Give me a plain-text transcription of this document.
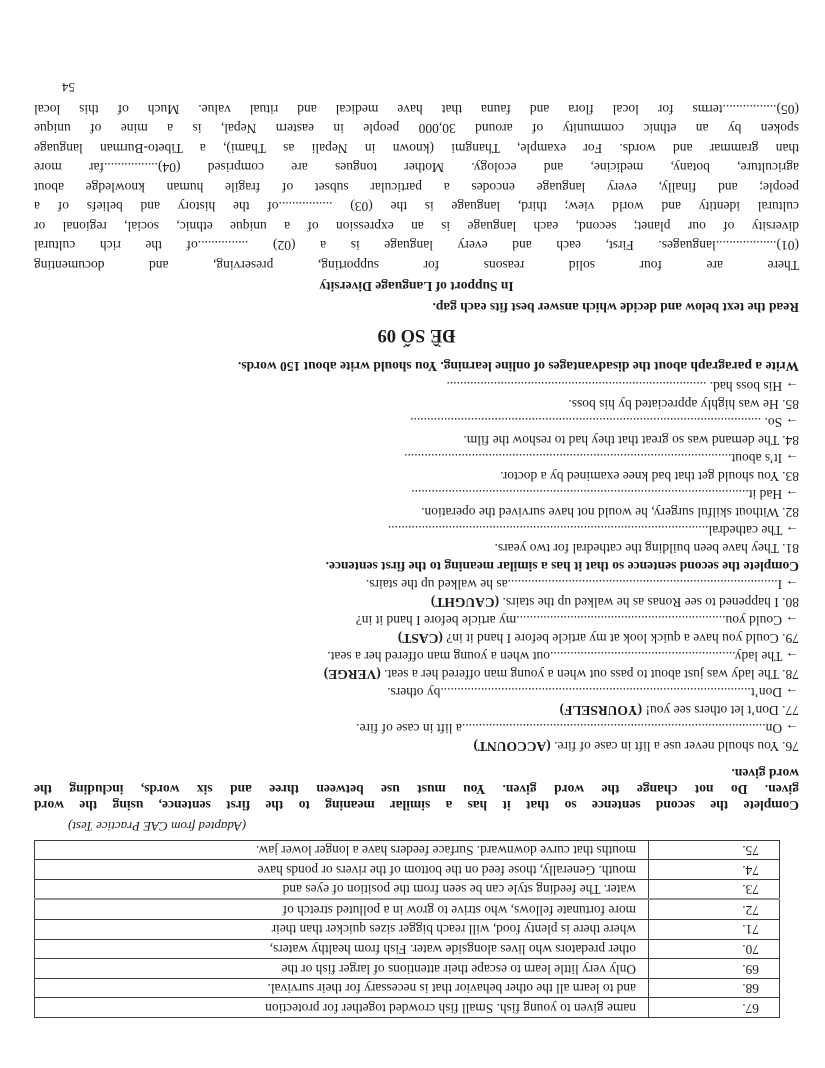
67.	name given to young fish. Small fish crowded together for protection
68.	and to learn all the other behavior that is necessary for their survival.
69.	Only very little learn to escape their attentions of larger fish or the
70.	other predators who lives alongside water. Fish from healthy waters,
71.	where there is plenty food, will reach bigger sizes quicker than their
72.	more fortunate fellows, who strive to grow in a polluted stretch of
73.	water. The feeding style can be seen from the position of eyes and
74.	mouth. Generally, those feed on the bottom of the rivers or ponds have
75.	mouths that curve downward. Surface feeders have a longer lower jaw.
(Adapted from CAE Practice Test)
Complete the second sentence so that it has a similar meaning to the first sentence, using the word
given. Do not change the word given. You must use between three and six words, including the
word given.
76. You should never use a lift in case of fire. (ACCOUNT)
→ On..........................................................................................a lift in case of fire.
77. Don’t let others see you! (YOURSELF)
→ Don’t............................................................................................by others.
78. The lady was just about to pass out when a young man offered her a seat. (VERGE)
→ The lady.......................................................out when a young man offered her a seat.
79. Could you have a quick look at my article before I hand it in? (CAST)
→ Could you..............................................................my article before I hand it in?
80. I happened to see Ronas as he walked up the stairs. (CAUGHT)
→ I................................................................................as he walked up the stairs.
Complete the second sentence so that it has a similar meaning to the first sentence.
81. They have been building the cathedral for two years.
→ The cathedral...............................................................................................
82. Without skilful surgery, he would not have survived the operation.
→ Had it....................................................................................................
83. You should get that bad knee examined by a doctor.
→ It’s about.................................................................................................
84. The demand was so great that they had to reshow the film.
→ So. ........................................................................................................
85. He was highly appreciated by his boss.
→ His boss had. .............................................................................
Write a paragraph about the disadvantages of online learning. You should write about 150 words.
ĐỀ SỐ 09
Read the text below and decide which answer best fits each gap.
In Support of Language Diversity
There are four solid reasons for supporting, preserving, and documenting
(01)..................languages. First, each and every language is a (02) ...............of the rich cultural
diversity of our planet; second, each language is an expression of a unique ethnic, social, regional or
cultural identity and world view; third, language is the (03) ................of the history and beliefs of a
people; and finally, every language encodes a particular subset of fragile human knowledge about
agriculture, botany, medicine, and ecology. Mother tongues are comprised (04)................far more
than grammar and words. For example, Thangmi (known in Nepali as Thami), a Tibeto-Burman language
spoken by an ethnic community of around 30,000 people in eastern Nepal, is a mine of unique
(05)................terms for local flora and fauna that have medical and ritual value. Much of this local
54
